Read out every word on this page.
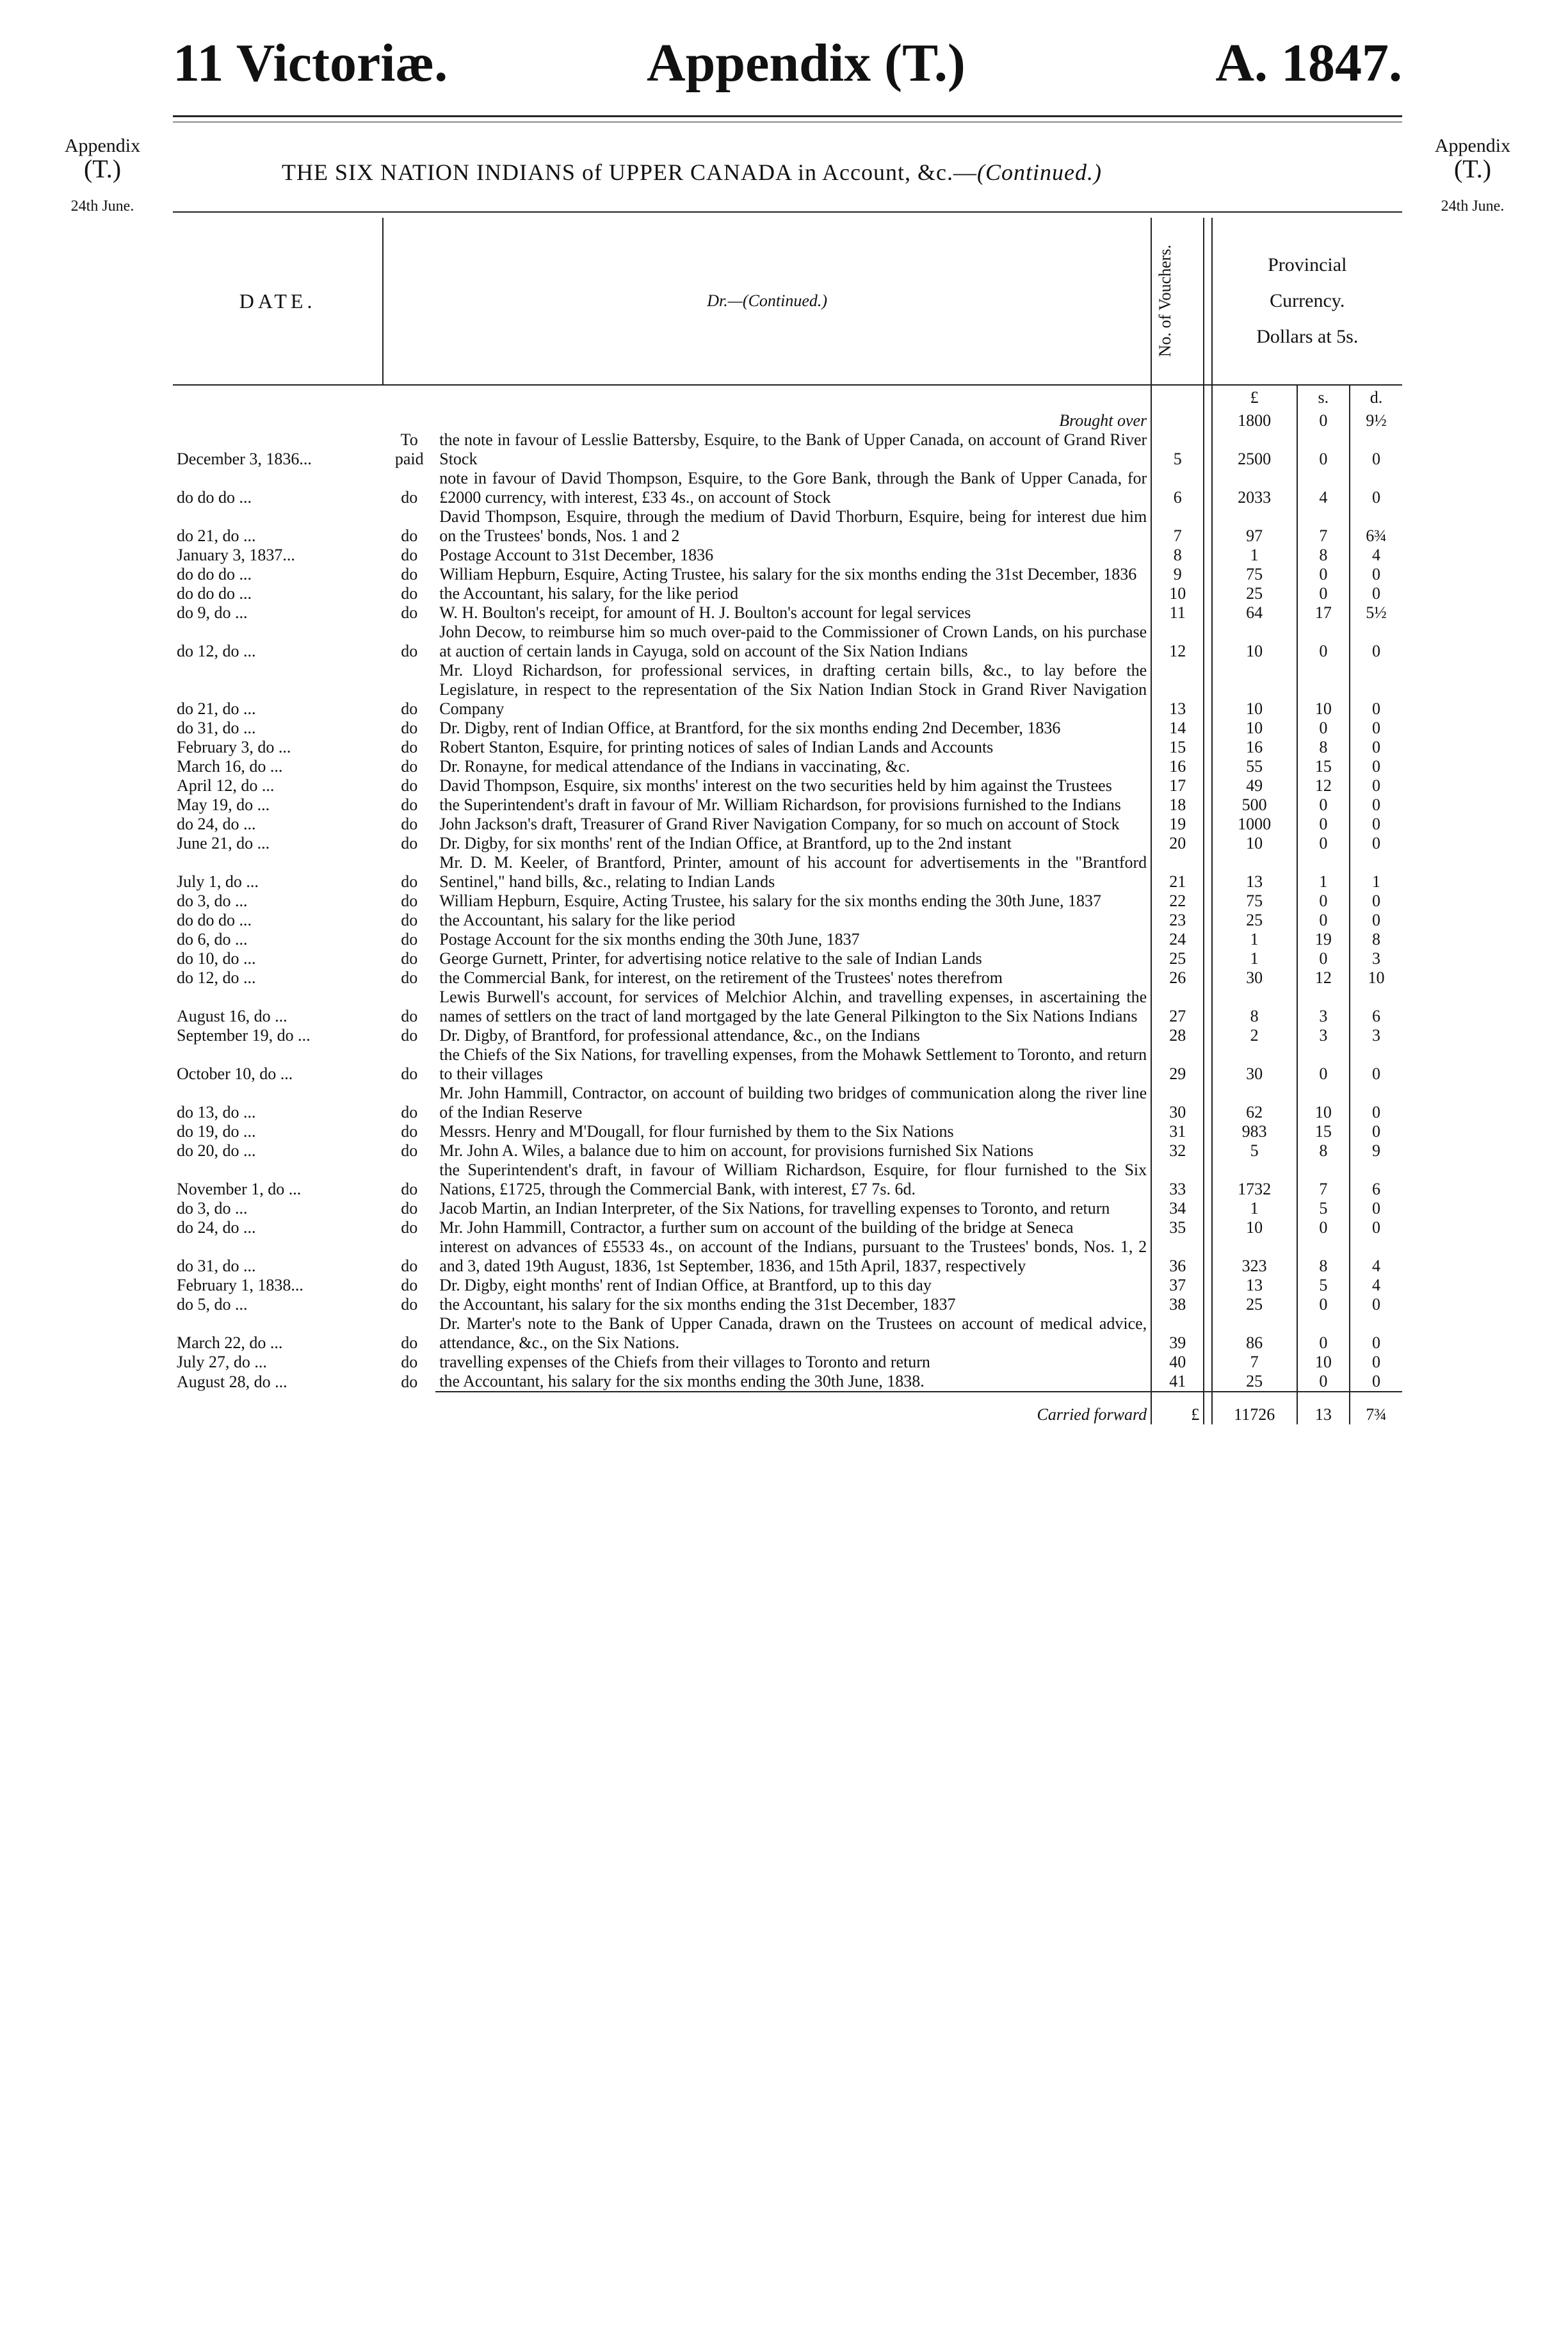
11 Victoriæ.	Appendix (T.)	A. 1847.
Appendix
(T.)
24th June.
Appendix
(T.)
24th June.
THE SIX NATION INDIANS of UPPER CANADA in Account, &c.—(Continued.)
DATE.	Dr.—(Continued.)		No. of Vouchers.		Provincial
Currency.
Dollars at 5s.		

					£	s.	d.
		Brought over			1800	0	9½
December 3, 1836...	To paid	the note in favour of Lesslie Battersby, Esquire, to the Bank of Upper Canada, on account of Grand River Stock	5		2500	0	0
do do do ...	do	note in favour of David Thompson, Esquire, to the Gore Bank, through the Bank of Upper Canada, for £2000 currency, with interest, £33 4s., on account of Stock	6		2033	4	0
do 21, do ...	do	David Thompson, Esquire, through the medium of David Thorburn, Esquire, being for interest due him on the Trustees' bonds, Nos. 1 and 2	7		97	7	6¾
January 3, 1837...	do	Postage Account to 31st December, 1836	8		1	8	4
do do do ...	do	William Hepburn, Esquire, Acting Trustee, his salary for the six months ending the 31st December, 1836	9		75	0	0
do do do ...	do	the Accountant, his salary, for the like period	10		25	0	0
do 9, do ...	do	W. H. Boulton's receipt, for amount of H. J. Boulton's account for legal services	11		64	17	5½
do 12, do ...	do	John Decow, to reimburse him so much over-paid to the Commissioner of Crown Lands, on his purchase at auction of certain lands in Cayuga, sold on account of the Six Nation Indians	12		10	0	0
do 21, do ...	do	Mr. Lloyd Richardson, for professional services, in drafting certain bills, &c., to lay before the Legislature, in respect to the representation of the Six Nation Indian Stock in Grand River Navigation Company	13		10	10	0
do 31, do ...	do	Dr. Digby, rent of Indian Office, at Brantford, for the six months ending 2nd December, 1836	14		10	0	0
February 3, do ...	do	Robert Stanton, Esquire, for printing notices of sales of Indian Lands and Accounts	15		16	8	0
March 16, do ...	do	Dr. Ronayne, for medical attendance of the Indians in vaccinating, &c.	16		55	15	0
April 12, do ...	do	David Thompson, Esquire, six months' interest on the two securities held by him against the Trustees	17		49	12	0
May 19, do ...	do	the Superintendent's draft in favour of Mr. William Richardson, for provisions furnished to the Indians	18		500	0	0
do 24, do ...	do	John Jackson's draft, Treasurer of Grand River Navigation Company, for so much on account of Stock	19		1000	0	0
June 21, do ...	do	Dr. Digby, for six months' rent of the Indian Office, at Brantford, up to the 2nd instant	20		10	0	0
July 1, do ...	do	Mr. D. M. Keeler, of Brantford, Printer, amount of his account for advertisements in the "Brantford Sentinel," hand bills, &c., relating to Indian Lands	21		13	1	1
do 3, do ...	do	William Hepburn, Esquire, Acting Trustee, his salary for the six months ending the 30th June, 1837	22		75	0	0
do do do ...	do	the Accountant, his salary for the like period	23		25	0	0
do 6, do ...	do	Postage Account for the six months ending the 30th June, 1837	24		1	19	8
do 10, do ...	do	George Gurnett, Printer, for advertising notice relative to the sale of Indian Lands	25		1	0	3
do 12, do ...	do	the Commercial Bank, for interest, on the retirement of the Trustees' notes therefrom	26		30	12	10
August 16, do ...	do	Lewis Burwell's account, for services of Melchior Alchin, and travelling expenses, in ascertaining the names of settlers on the tract of land mortgaged by the late General Pilkington to the Six Nations Indians	27		8	3	6
September 19, do ...	do	Dr. Digby, of Brantford, for professional attendance, &c., on the Indians	28		2	3	3
October 10, do ...	do	the Chiefs of the Six Nations, for travelling expenses, from the Mohawk Settlement to Toronto, and return to their villages	29		30	0	0
do 13, do ...	do	Mr. John Hammill, Contractor, on account of building two bridges of communication along the river line of the Indian Reserve	30		62	10	0
do 19, do ...	do	Messrs. Henry and M'Dougall, for flour furnished by them to the Six Nations	31		983	15	0
do 20, do ...	do	Mr. John A. Wiles, a balance due to him on account, for provisions furnished Six Nations	32		5	8	9
November 1, do ...	do	the Superintendent's draft, in favour of William Richardson, Esquire, for flour furnished to the Six Nations, £1725, through the Commercial Bank, with interest, £7 7s. 6d.	33		1732	7	6
do 3, do ...	do	Jacob Martin, an Indian Interpreter, of the Six Nations, for travelling expenses to Toronto, and return	34		1	5	0
do 24, do ...	do	Mr. John Hammill, Contractor, a further sum on account of the building of the bridge at Seneca	35		10	0	0
do 31, do ...	do	interest on advances of £5533 4s., on account of the Indians, pursuant to the Trustees' bonds, Nos. 1, 2 and 3, dated 19th August, 1836, 1st September, 1836, and 15th April, 1837, respectively	36		323	8	4
February 1, 1838...	do	Dr. Digby, eight months' rent of Indian Office, at Brantford, up to this day	37		13	5	4
do 5, do ...	do	the Accountant, his salary for the six months ending the 31st December, 1837	38		25	0	0
March 22, do ...	do	Dr. Marter's note to the Bank of Upper Canada, drawn on the Trustees on account of medical advice, attendance, &c., on the Six Nations.	39		86	0	0
July 27, do ...	do	travelling expenses of the Chiefs from their villages to Toronto and return	40		7	10	0
August 28, do ...	do	the Accountant, his salary for the six months ending the 30th June, 1838.	41		25	0	0
		Carried forward	£		11726	13	7¾
